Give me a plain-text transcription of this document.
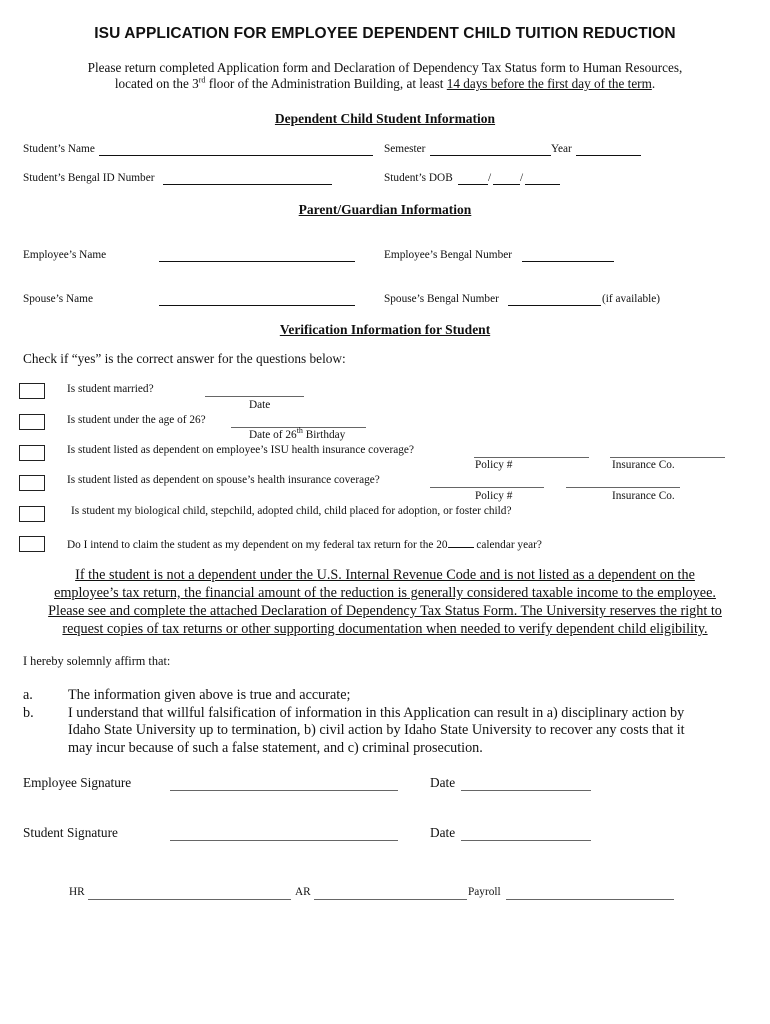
ISU APPLICATION FOR EMPLOYEE DEPENDENT CHILD TUITION REDUCTION
Please return completed Application form and Declaration of Dependency Tax Status form to Human Resources,
located on the 3rd floor of the Administration Building, at least 14 days before the first day of the term.
Dependent Child Student Information
Student’s Name	Semester	Year
Student’s Bengal ID Number	Student’s DOB	/	/
Parent/Guardian Information
Employee’s Name	Employee’s Bengal Number
Spouse’s Name	Spouse’s Bengal Number	(if available)
Verification Information for Student
Check if “yes” is the correct answer for the questions below:
Is student married?
Date
Is student under the age of 26?
Date of 26th Birthday
Is student listed as dependent on employee’s ISU health insurance coverage?
Policy #	Insurance Co.
Is student listed as dependent on spouse’s health insurance coverage?
Policy #	Insurance Co.
Is student my biological child, stepchild, adopted child, child placed for adoption, or foster child?
Do I intend to claim the student as my dependent on my federal tax return for the 20 calendar year?
If the student is not a dependent under the U.S. Internal Revenue Code and is not listed as a dependent on the
employee’s tax return, the financial amount of the reduction is generally considered taxable income to the employee.
Please see and complete the attached Declaration of Dependency Tax Status Form. The University reserves the right to
request copies of tax returns or other supporting documentation when needed to verify dependent child eligibility.
I hereby solemnly affirm that:
a. The information given above is true and accurate;
b. I understand that willful falsification of information in this Application can result in a) disciplinary action by
Idaho State University up to termination, b) civil action by Idaho State University to recover any costs that it
may incur because of such a false statement, and c) criminal prosecution.
Employee Signature	Date
Student Signature	Date
HR	AR	Payroll
